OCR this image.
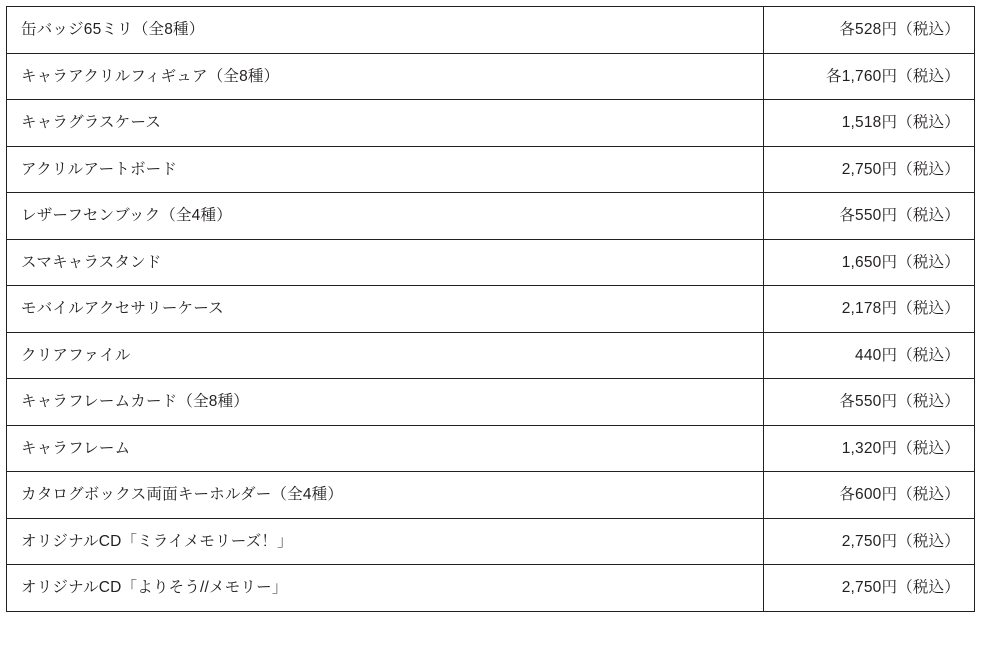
缶バッジ65ミリ（全8種）	各528円（税込）
キャラアクリルフィギュア（全8種）	各1,760円（税込）
キャラグラスケース	1,518円（税込）
アクリルアートボード	2,750円（税込）
レザーフセンブック（全4種）	各550円（税込）
スマキャラスタンド	1,650円（税込）
モバイルアクセサリーケース	2,178円（税込）
クリアファイル	440円（税込）
キャラフレームカード（全8種）	各550円（税込）
キャラフレーム	1,320円（税込）
カタログボックス両面キーホルダー（全4種）	各600円（税込）
オリジナルCD「ミライメモリーズ！」	2,750円（税込）
オリジナルCD「よりそう//メモリー」	2,750円（税込）
